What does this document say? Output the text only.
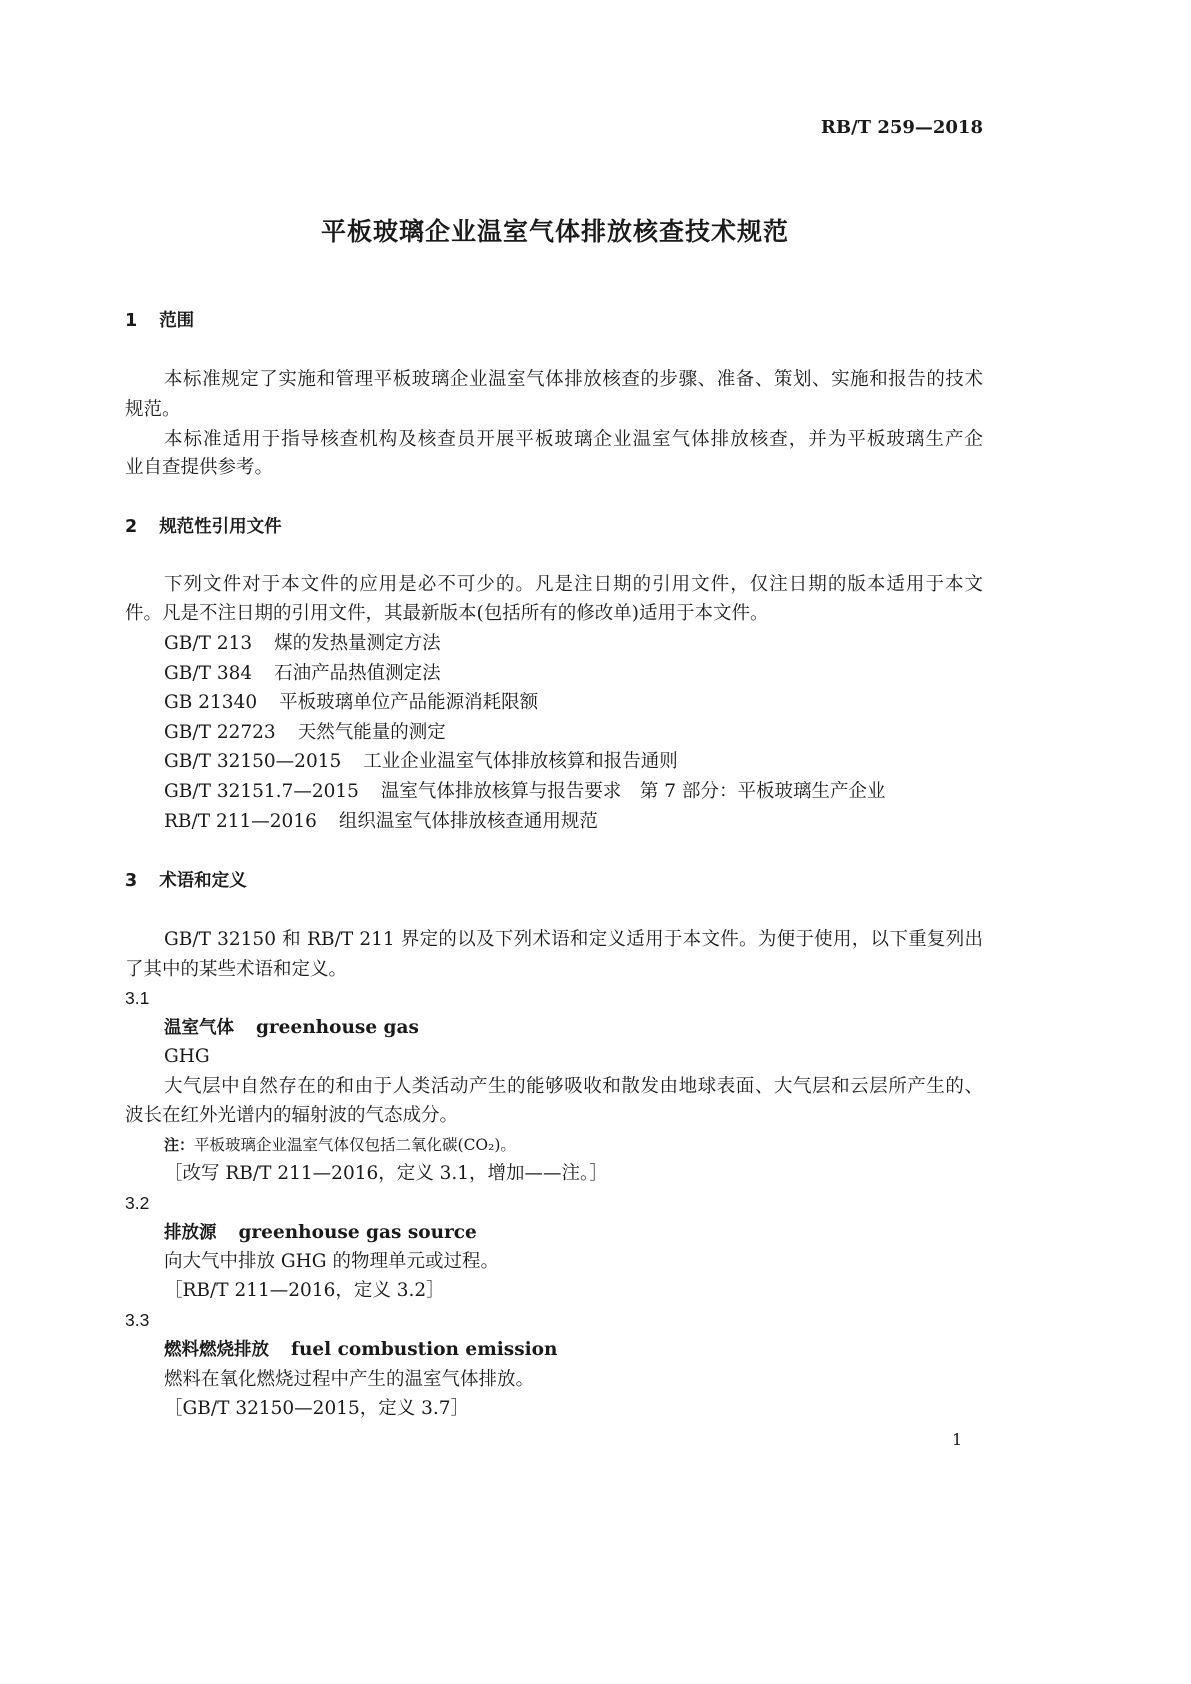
RB/T 259—2018
平板玻璃企业温室气体排放核查技术规范
1 范围
本标准规定了实施和管理平板玻璃企业温室气体排放核查的步骤、准备、策划、实施和报告的技术
规范。
本标准适用于指导核查机构及核查员开展平板玻璃企业温室气体排放核查，并为平板玻璃生产企
业自查提供参考。
2 规范性引用文件
下列文件对于本文件的应用是必不可少的。凡是注日期的引用文件，仅注日期的版本适用于本文
件。凡是不注日期的引用文件，其最新版本(包括所有的修改单)适用于本文件。
GB/T 213 煤的发热量测定方法
GB/T 384 石油产品热值测定法
GB 21340 平板玻璃单位产品能源消耗限额
GB/T 22723 天然气能量的测定
GB/T 32150—2015 工业企业温室气体排放核算和报告通则
GB/T 32151.7—2015 温室气体排放核算与报告要求　第 7 部分：平板玻璃生产企业
RB/T 211—2016 组织温室气体排放核查通用规范
3 术语和定义
GB/T 32150 和 RB/T 211 界定的以及下列术语和定义适用于本文件。为便于使用，以下重复列出
了其中的某些术语和定义。
3.1
温室气体 greenhouse gas
GHG
大气层中自然存在的和由于人类活动产生的能够吸收和散发由地球表面、大气层和云层所产生的、
波长在红外光谱内的辐射波的气态成分。
注：平板玻璃企业温室气体仅包括二氧化碳(CO₂)。
［改写 RB/T 211—2016，定义 3.1，增加——注。］
3.2
排放源 greenhouse gas source
向大气中排放 GHG 的物理单元或过程。
［RB/T 211—2016，定义 3.2］
3.3
燃料燃烧排放 fuel combustion emission
燃料在氧化燃烧过程中产生的温室气体排放。
［GB/T 32150—2015，定义 3.7］
1
